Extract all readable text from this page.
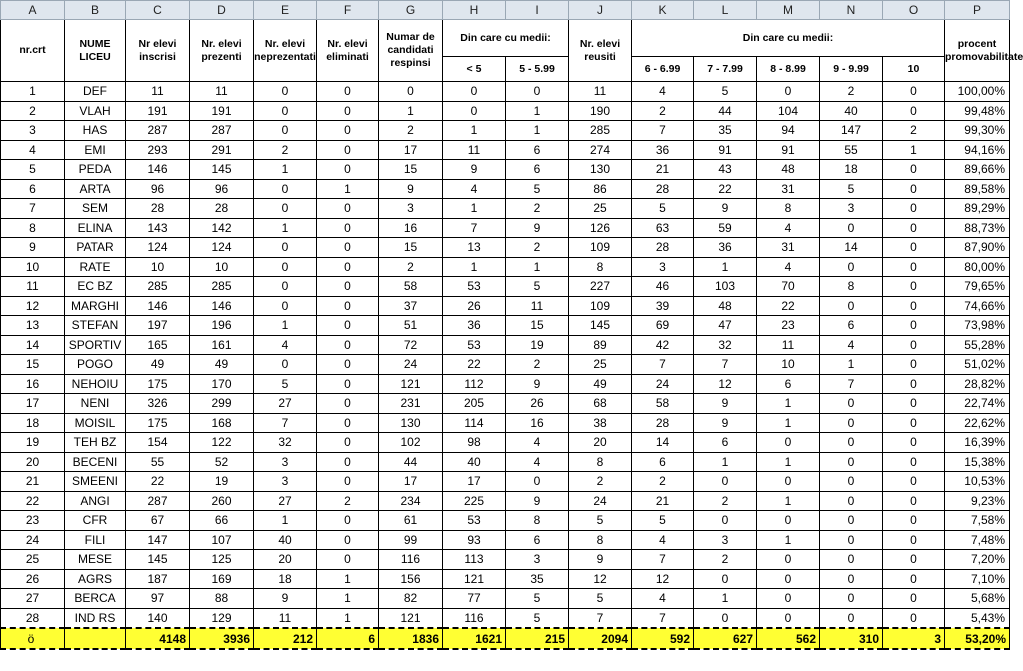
A	B	C	D	E	F	G	H	I	J	K	L	M	N	O	P
nr.crt	NUME LICEU	Nr elevi inscrisi	Nr. elevi prezenti	Nr. elevi neprezentati	Nr. elevi eliminati	Numar de candidati respinsi	Din care cu medii:		Nr. elevi reusiti	Din care cu medii:					procent promovabilitate
							< 5	5 - 5.99							
										6 - 6.99	7 - 7.99	8 - 8.99	9 - 9.99	10	
1	DEF	11	11	0	0	0	0	0	11	4	5	0	2	0	100,00%
2	VLAH	191	191	0	0	1	0	1	190	2	44	104	40	0	99,48%
3	HAS	287	287	0	0	2	1	1	285	7	35	94	147	2	99,30%
4	EMI	293	291	2	0	17	11	6	274	36	91	91	55	1	94,16%
5	PEDA	146	145	1	0	15	9	6	130	21	43	48	18	0	89,66%
6	ARTA	96	96	0	1	9	4	5	86	28	22	31	5	0	89,58%
7	SEM	28	28	0	0	3	1	2	25	5	9	8	3	0	89,29%
8	ELINA	143	142	1	0	16	7	9	126	63	59	4	0	0	88,73%
9	PATAR	124	124	0	0	15	13	2	109	28	36	31	14	0	87,90%
10	RATE	10	10	0	0	2	1	1	8	3	1	4	0	0	80,00%
11	EC BZ	285	285	0	0	58	53	5	227	46	103	70	8	0	79,65%
12	MARGHI	146	146	0	0	37	26	11	109	39	48	22	0	0	74,66%
13	STEFAN	197	196	1	0	51	36	15	145	69	47	23	6	0	73,98%
14	SPORTIV	165	161	4	0	72	53	19	89	42	32	11	4	0	55,28%
15	POGO	49	49	0	0	24	22	2	25	7	7	10	1	0	51,02%
16	NEHOIU	175	170	5	0	121	112	9	49	24	12	6	7	0	28,82%
17	NENI	326	299	27	0	231	205	26	68	58	9	1	0	0	22,74%
18	MOISIL	175	168	7	0	130	114	16	38	28	9	1	0	0	22,62%
19	TEH BZ	154	122	32	0	102	98	4	20	14	6	0	0	0	16,39%
20	BECENI	55	52	3	0	44	40	4	8	6	1	1	0	0	15,38%
21	SMEENI	22	19	3	0	17	17	0	2	2	0	0	0	0	10,53%
22	ANGI	287	260	27	2	234	225	9	24	21	2	1	0	0	9,23%
23	CFR	67	66	1	0	61	53	8	5	5	0	0	0	0	7,58%
24	FILI	147	107	40	0	99	93	6	8	4	3	1	0	0	7,48%
25	MESE	145	125	20	0	116	113	3	9	7	2	0	0	0	7,20%
26	AGRS	187	169	18	1	156	121	35	12	12	0	0	0	0	7,10%
27	BERCA	97	88	9	1	82	77	5	5	4	1	0	0	0	5,68%
28	IND RS	140	129	11	1	121	116	5	7	7	0	0	0	0	5,43%
ö		4148	3936	212	6	1836	1621	215	2094	592	627	562	310	3	53,20%
